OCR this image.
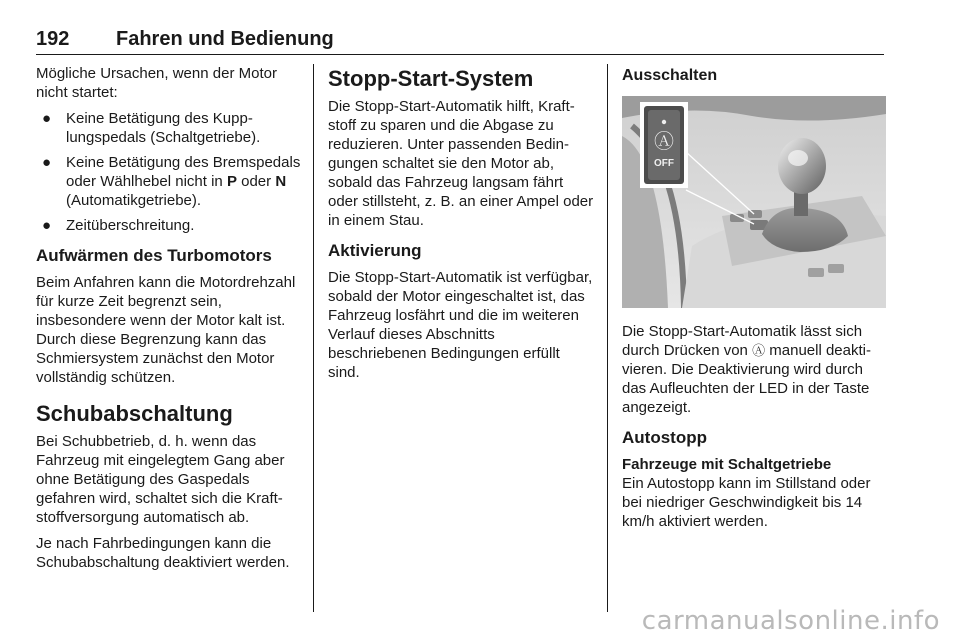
192 Fahren und Bedienung

Mögliche Ursachen, wenn der Motor nicht startet:

● Keine Betätigung des Kupplungspedals (Schaltgetriebe).
● Keine Betätigung des Bremspedals oder Wählhebel nicht in P oder N (Automatikgetriebe).
● Zeitüberschreitung.
Aufwärmen des Turbomotors

Beim Anfahren kann die Motordrehzahl für kurze Zeit begrenzt sein, insbesondere wenn der Motor kalt ist. Durch diese Begrenzung kann das Schmiersystem zunächst den Motor vollständig schützen.

Schubabschaltung

Bei Schubbetrieb, d. h. wenn das Fahrzeug mit eingelegtem Gang aber ohne Betätigung des Gaspedals gefahren wird, schaltet sich die Kraftstoffversorgung automatisch ab.

Je nach Fahrbedingungen kann die Schubabschaltung deaktiviert werden.

Stopp-Start-System

Die Stopp-Start-Automatik hilft, Kraftstoff zu sparen und die Abgase zu reduzieren. Unter passenden Bedingungen schaltet sie den Motor ab, sobald das Fahrzeug langsam fährt oder stillsteht, z. B. an einer Ampel oder in einem Stau.

Aktivierung

Die Stopp-Start-Automatik ist verfügbar, sobald der Motor eingeschaltet ist, das Fahrzeug losfährt und die im weiteren Verlauf dieses Abschnitts beschriebenen Bedingungen erfüllt sind.

Ausschalten
Ⓐ
OFF

Die Stopp-Start-Automatik lässt sich durch Drücken von Ⓐ manuell deaktivieren. Die Deaktivierung wird durch das Aufleuchten der LED in der Taste angezeigt.

Autostopp
Fahrzeuge mit Schaltgetriebe

Ein Autostopp kann im Stillstand oder bei niedriger Geschwindigkeit bis 14 km/h aktiviert werden.

carmanualsonline.info
